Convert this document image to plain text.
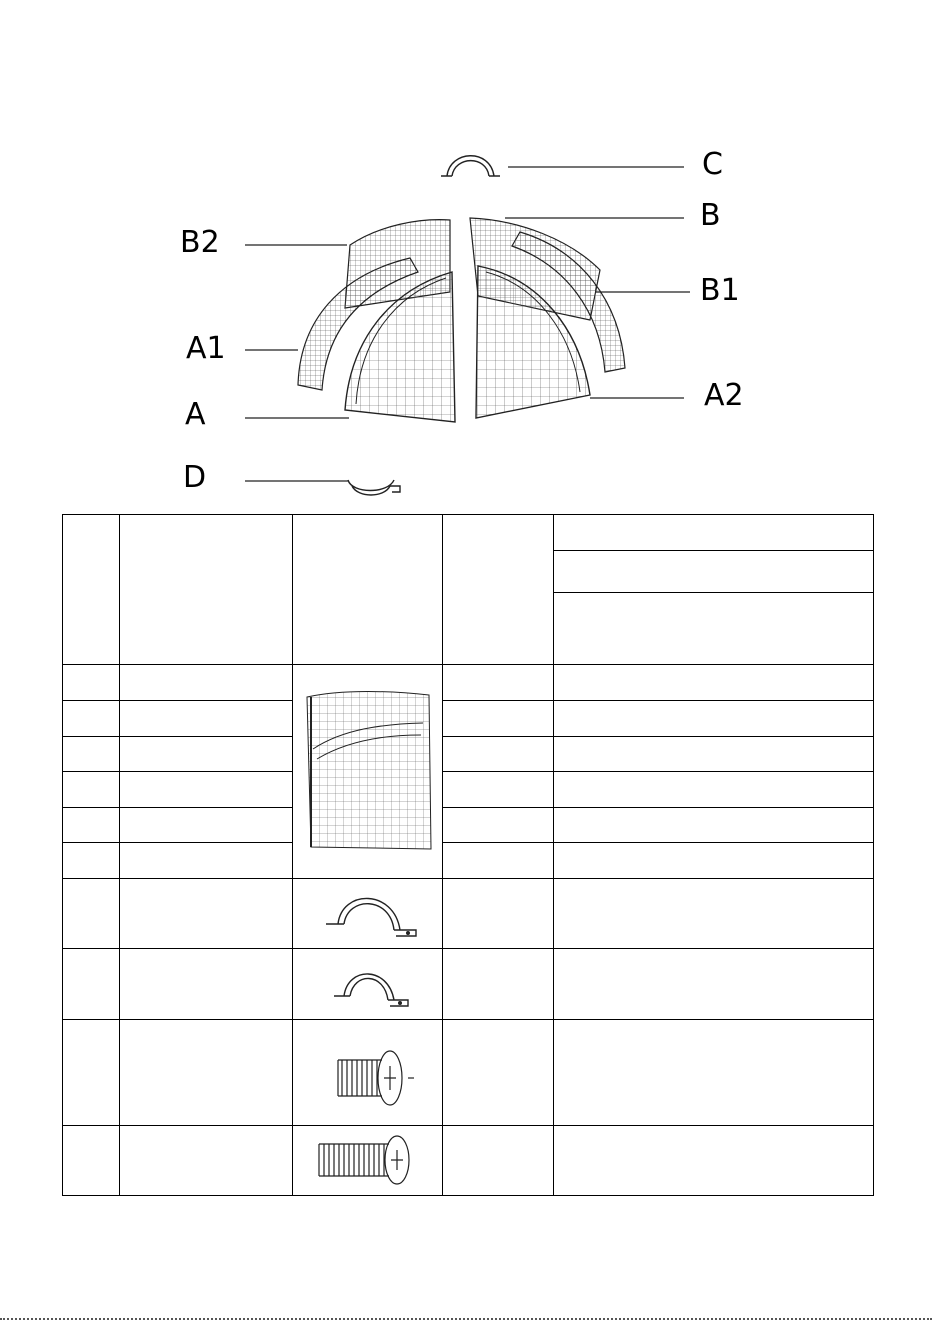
C
B
B2
B1
A1
A
A2
D
